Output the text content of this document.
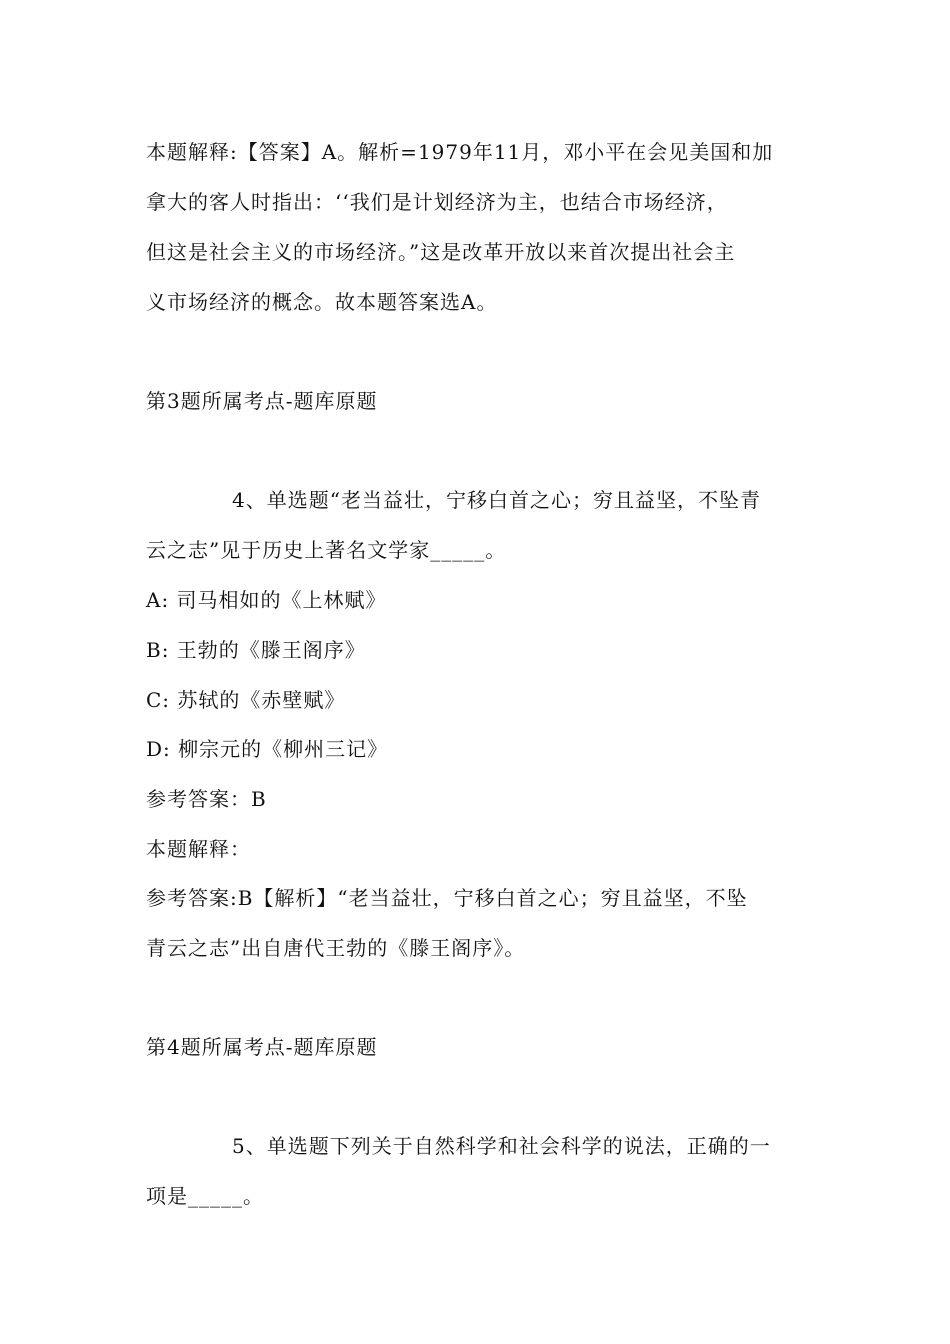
本题解释:【答案】A。解析=1979年11月，邓小平在会见美国和加
拿大的客人时指出：‘‘我们是计划经济为主，也结合市场经济，
但这是社会主义的市场经济。”这是改革开放以来首次提出社会主
义市场经济的概念。故本题答案选A。
第3题所属考点-题库原题
4、单选题“老当益壮，宁移白首之心；穷且益坚，不坠青
云之志”见于历史上著名文学家_____。
A: 司马相如的《上林赋》
B: 王勃的《滕王阁序》
C: 苏轼的《赤壁赋》
D: 柳宗元的《柳州三记》
参考答案：B
本题解释：
参考答案:B【解析】“老当益壮，宁移白首之心；穷且益坚，不坠
青云之志”出自唐代王勃的《滕王阁序》。
第4题所属考点-题库原题
5、单选题下列关于自然科学和社会科学的说法，正确的一
项是_____。
